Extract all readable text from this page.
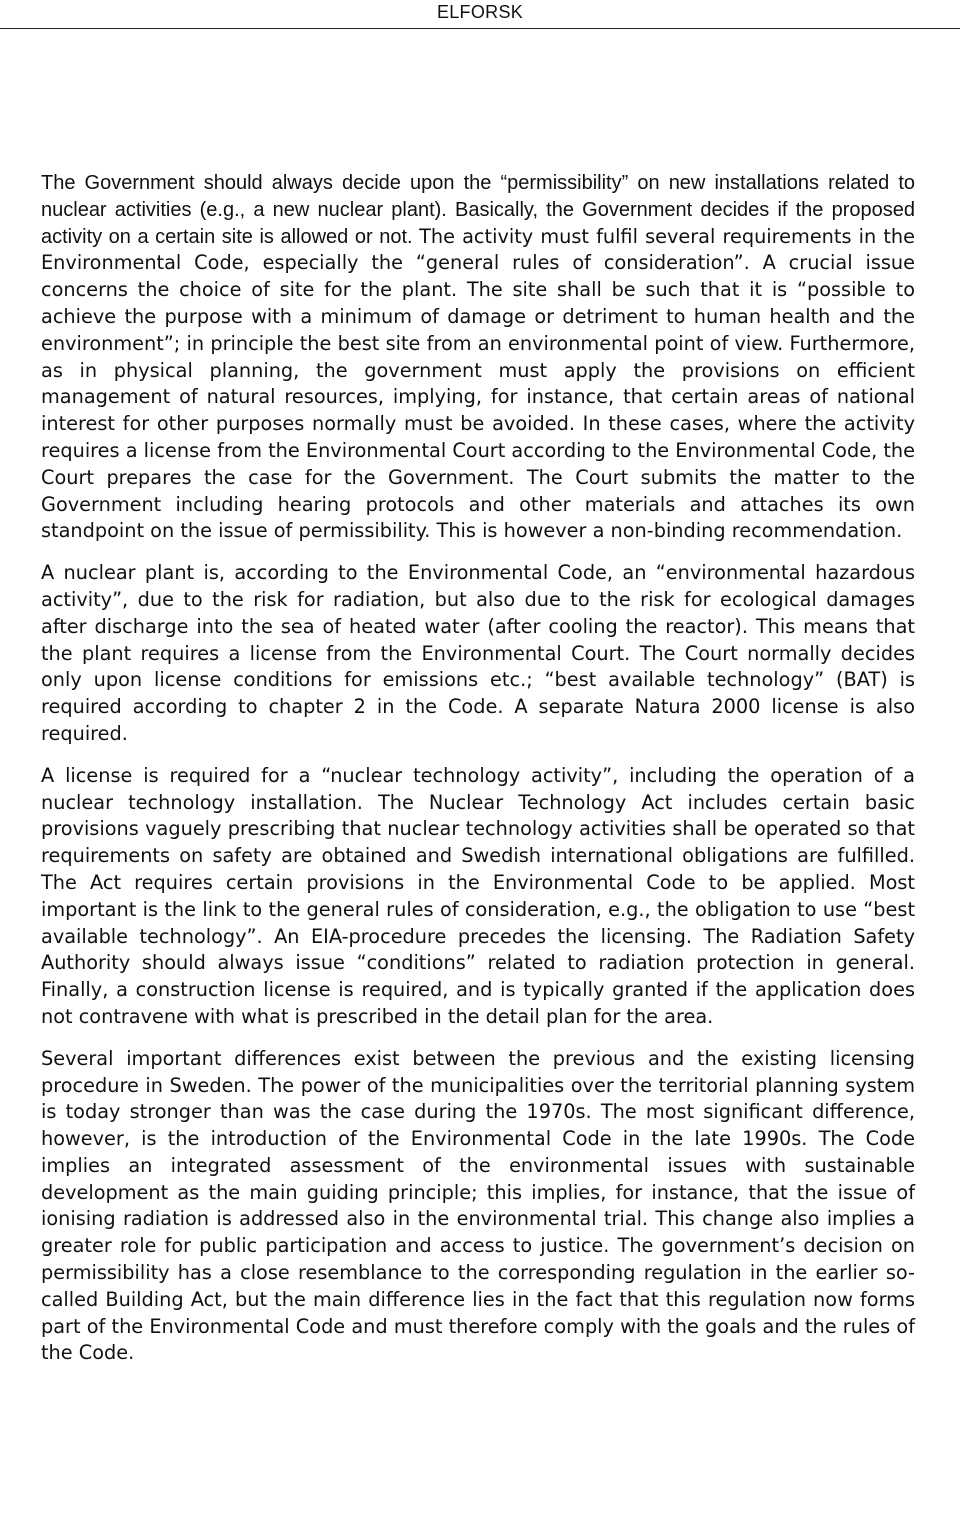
ELFORSK

The Government should always decide upon the “permissibility” on new installations related to nuclear activities (e.g., a new nuclear plant). Basically, the Government decides if the proposed activity on a certain site is allowed or not. The activity must fulfil several requirements in the Environmental Code, especially the “general rules of consideration”. A crucial issue concerns the choice of site for the plant. The site shall be such that it is “possible to achieve the purpose with a minimum of damage or detriment to human health and the environment”; in principle the best site from an environmental point of view. Furthermore, as in physical planning, the government must apply the provisions on efficient management of natural resources, implying, for instance, that certain areas of national interest for other purposes normally must be avoided. In these cases, where the activity requires a license from the Environmental Court according to the Environmental Code, the Court prepares the case for the Government. The Court submits the matter to the Government including hearing protocols and other materials and attaches its own standpoint on the issue of permissibility. This is however a non-binding recommendation.

A nuclear plant is, according to the Environmental Code, an “environmental hazardous activity”, due to the risk for radiation, but also due to the risk for ecological damages after discharge into the sea of heated water (after cooling the reactor). This means that the plant requires a license from the Environmental Court. The Court normally decides only upon license conditions for emissions etc.; “best available technology” (BAT) is required according to chapter 2 in the Code. A separate Natura 2000 license is also required.

A license is required for a “nuclear technology activity”, including the operation of a nuclear technology installation. The Nuclear Technology Act includes certain basic provisions vaguely prescribing that nuclear technology activities shall be operated so that requirements on safety are obtained and Swedish international obligations are fulfilled. The Act requires certain provisions in the Environmental Code to be applied. Most important is the link to the general rules of consideration, e.g., the obligation to use “best available technology”. An EIA-procedure precedes the licensing. The Radiation Safety Authority should always issue “conditions” related to radiation protection in general. Finally, a construction license is required, and is typically granted if the application does not contravene with what is prescribed in the detail plan for the area.

Several important differences exist between the previous and the existing licensing procedure in Sweden. The power of the municipalities over the territorial planning system is today stronger than was the case during the 1970s. The most significant difference, however, is the introduction of the Environmental Code in the late 1990s. The Code implies an integrated assessment of the environmental issues with sustainable development as the main guiding principle; this implies, for instance, that the issue of ionising radiation is addressed also in the environmental trial. This change also implies a greater role for public participation and access to justice. The government’s decision on permissibility has a close resemblance to the corresponding regulation in the earlier so-called Building Act, but the main difference lies in the fact that this regulation now forms part of the Environmental Code and must therefore comply with the goals and the rules of the Code.
